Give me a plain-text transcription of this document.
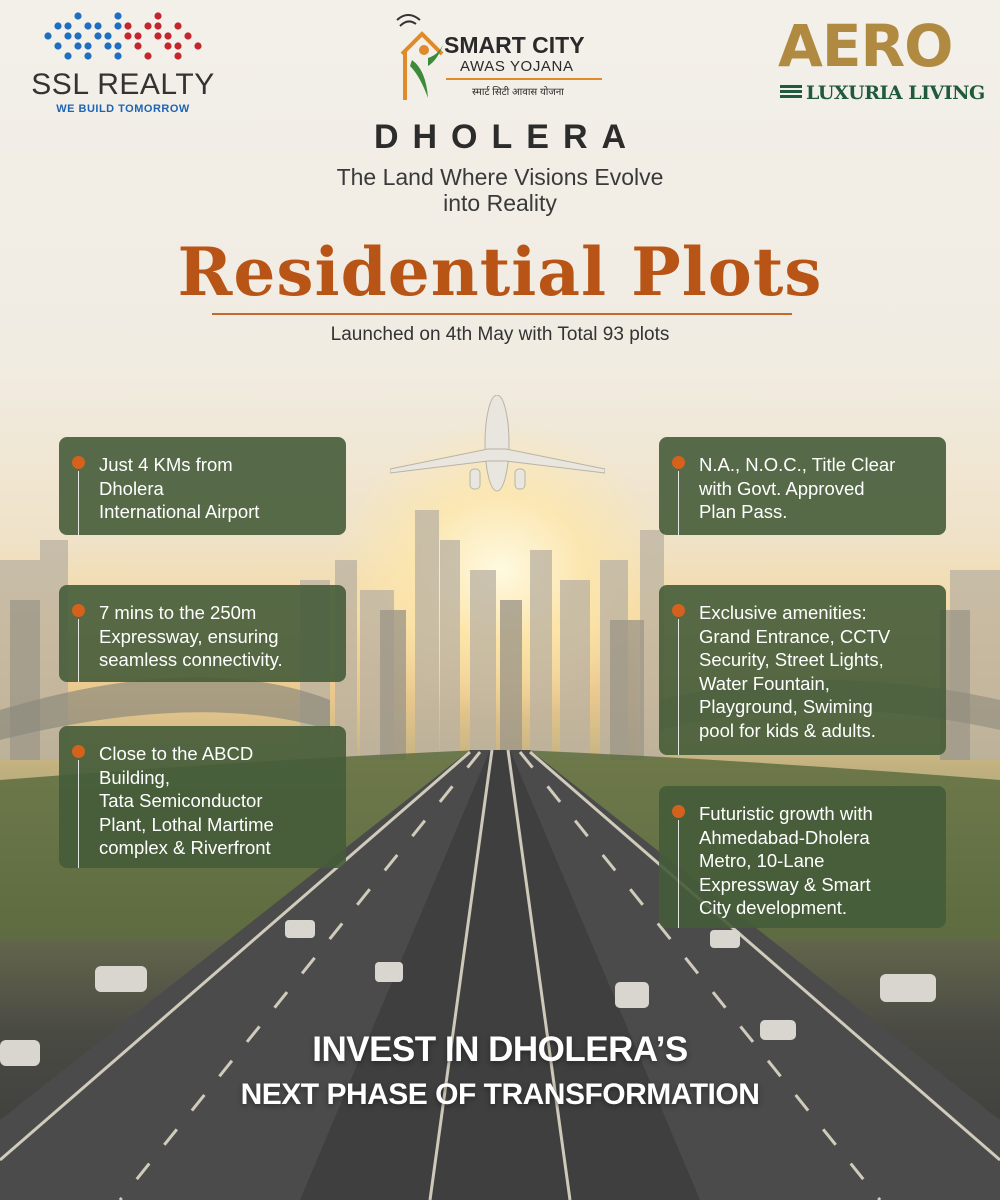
SSL REALTY
WE BUILD TOMORROW
SMART CITY
AWAS YOJANA
स्मार्ट सिटी आवास योजना
AERO
LUXURIA LIVING
DHOLERA
The Land Where Visions Evolve
into Reality
Residential Plots
Launched on 4th May with Total 93 plots
Just 4 KMs from
Dholera
International Airport
7 mins to the 250m
Expressway, ensuring
seamless connectivity.
Close to the ABCD
Building,
Tata Semiconductor
Plant, Lothal Martime
complex & Riverfront
N.A., N.O.C., Title Clear
with Govt. Approved
Plan Pass.
Exclusive amenities:
Grand Entrance, CCTV
Security, Street Lights,
Water Fountain,
Playground, Swiming
pool for kids & adults.
Futuristic growth with
Ahmedabad-Dholera
Metro, 10-Lane
Expressway & Smart
City development.
INVEST IN DHOLERA’S
NEXT PHASE OF TRANSFORMATION
